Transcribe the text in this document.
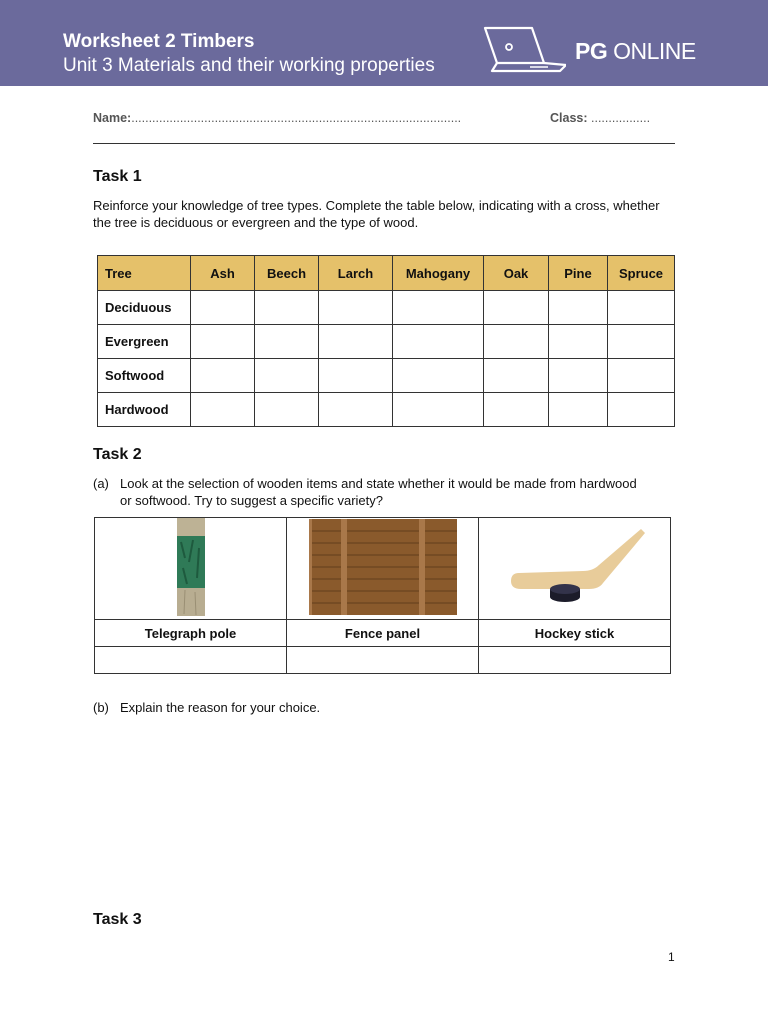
Worksheet 2 Timbers
Unit 3 Materials and their working properties
PG ONLINE
Name:...............................................................................................	Class: .................
Task 1
Reinforce your knowledge of tree types. Complete the table below, indicating with a cross, whether the tree is deciduous or evergreen and the type of wood.
Tree	Ash	Beech	Larch	Mahogany	Oak	Pine	Spruce
Deciduous							
Evergreen							
Softwood							
Hardwood							
Task 2
(a) Look at the selection of wooden items and state whether it would be made from hardwood or softwood. Try to suggest a specific variety?

Telegraph pole	Fence panel	Hockey stick

(b) Explain the reason for your choice.
Task 3
1
